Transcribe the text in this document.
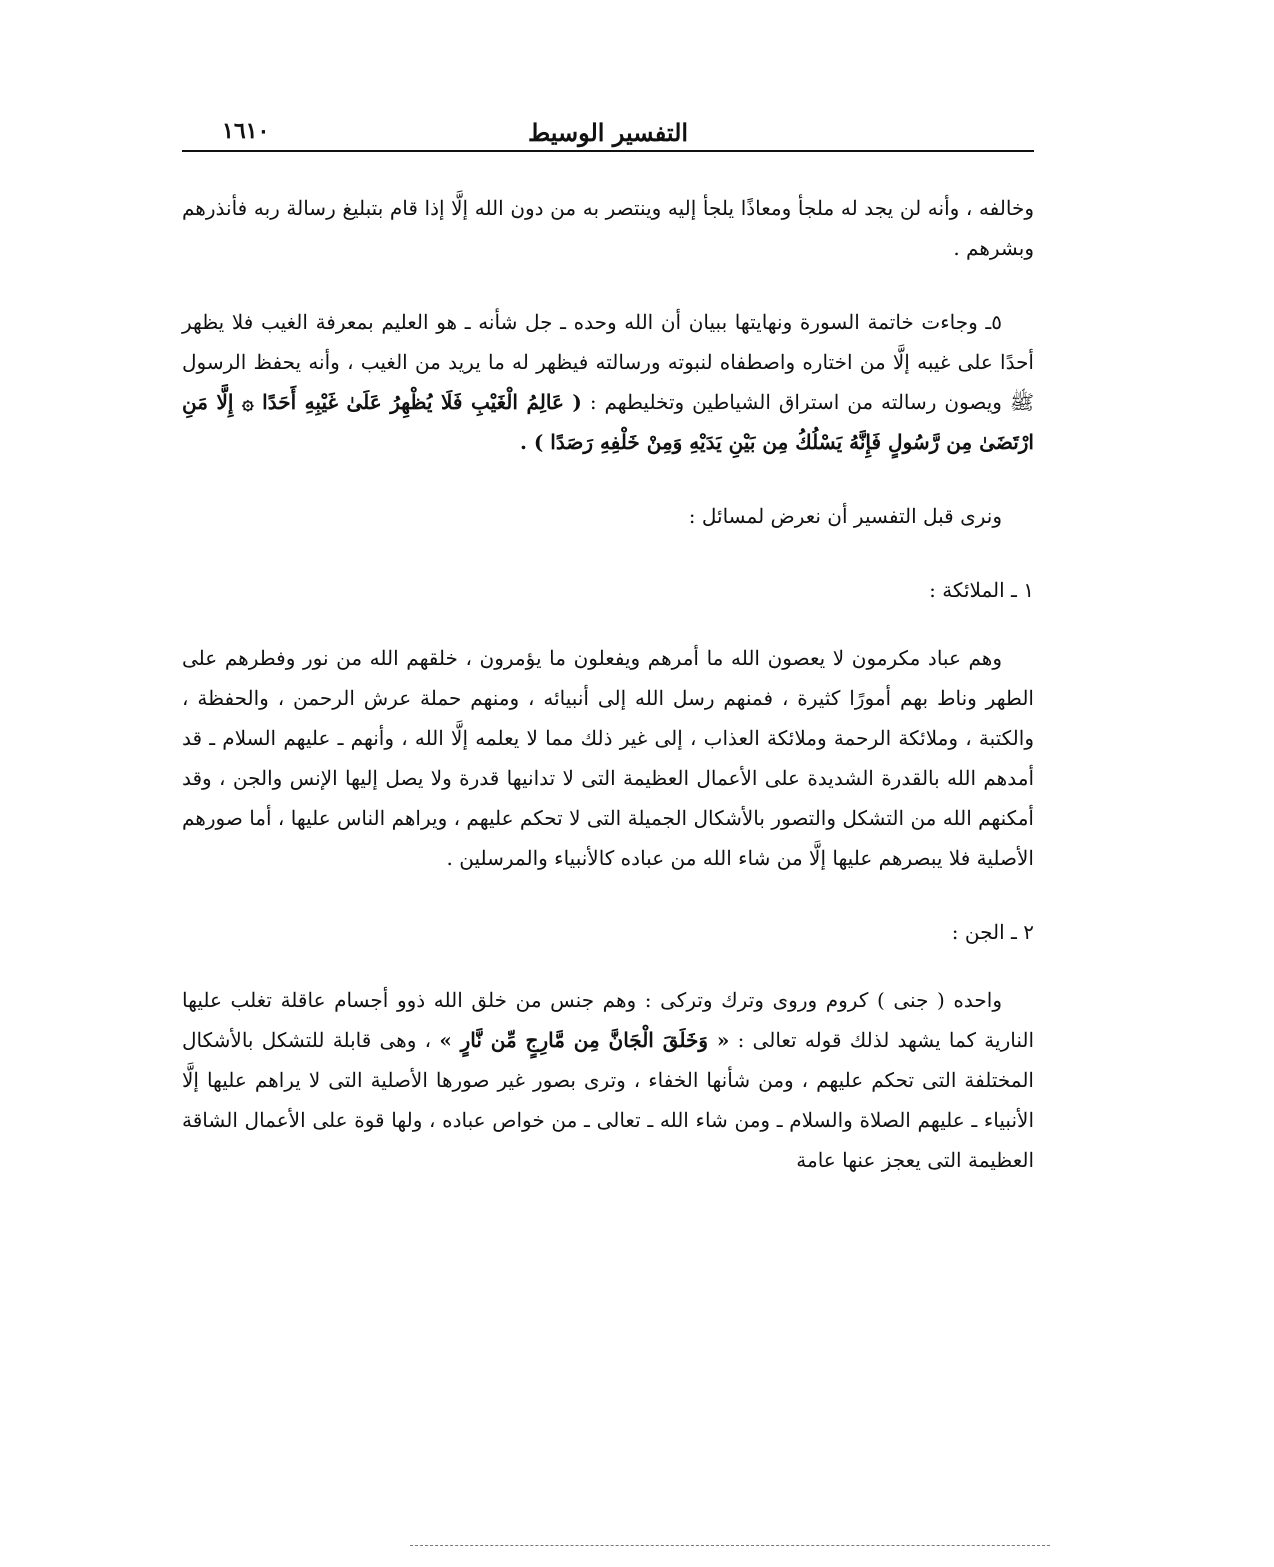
١٦١٠	التفسير الوسيط

وخالفه ، وأنه لن يجد له ملجأ ومعاذًا يلجأ إليه وينتصر به من دون الله إلَّا إذا قام بتبليغ رسالة ربه فأنذرهم وبشرهم .

٥ـ وجاءت خاتمة السورة ونهايتها ببيان أن الله وحده ـ جل شأنه ـ هو العليم بمعرفة الغيب فلا يظهر أحدًا على غيبه إلَّا من اختاره واصطفاه لنبوته ورسالته فيظهر له ما يريد من الغيب ، وأنه يحفظ الرسول ﷺ ويصون رسالته من استراق الشياطين وتخليطهم : ( عَالِمُ الْغَيْبِ فَلَا يُظْهِرُ عَلَىٰ غَيْبِهِ أَحَدًا ۞ إِلَّا مَنِ ارْتَضَىٰ مِن رَّسُولٍ فَإِنَّهُ يَسْلُكُ مِن بَيْنِ يَدَيْهِ وَمِنْ خَلْفِهِ رَصَدًا ) .

ونرى قبل التفسير أن نعرض لمسائل :

١ ـ الملائكة :

وهم عباد مكرمون لا يعصون الله ما أمرهم ويفعلون ما يؤمرون ، خلقهم الله من نور وفطرهم على الطهر وناط بهم أمورًا كثيرة ، فمنهم رسل الله إلى أنبيائه ، ومنهم حملة عرش الرحمن ، والحفظة ، والكتبة ، وملائكة الرحمة وملائكة العذاب ، إلى غير ذلك مما لا يعلمه إلَّا الله ، وأنهم ـ عليهم السلام ـ قد أمدهم الله بالقدرة الشديدة على الأعمال العظيمة التى لا تدانيها قدرة ولا يصل إليها الإنس والجن ، وقد أمكنهم الله من التشكل والتصور بالأشكال الجميلة التى لا تحكم عليهم ، ويراهم الناس عليها ، أما صورهم الأصلية فلا يبصرهم عليها إلَّا من شاء الله من عباده كالأنبياء والمرسلين .

٢ ـ الجن :

واحده ( جنى ) كروم وروى وترك وتركى : وهم جنس من خلق الله ذوو أجسام عاقلة تغلب عليها النارية كما يشهد لذلك قوله تعالى : « وَخَلَقَ الْجَانَّ مِن مَّارِجٍ مِّن نَّارٍ » ، وهى قابلة للتشكل بالأشكال المختلفة التى تحكم عليهم ، ومن شأنها الخفاء ، وترى بصور غير صورها الأصلية التى لا يراهم عليها إلَّا الأنبياء ـ عليهم الصلاة والسلام ـ ومن شاء الله ـ تعالى ـ من خواص عباده ، ولها قوة على الأعمال الشاقة العظيمة التى يعجز عنها عامة
